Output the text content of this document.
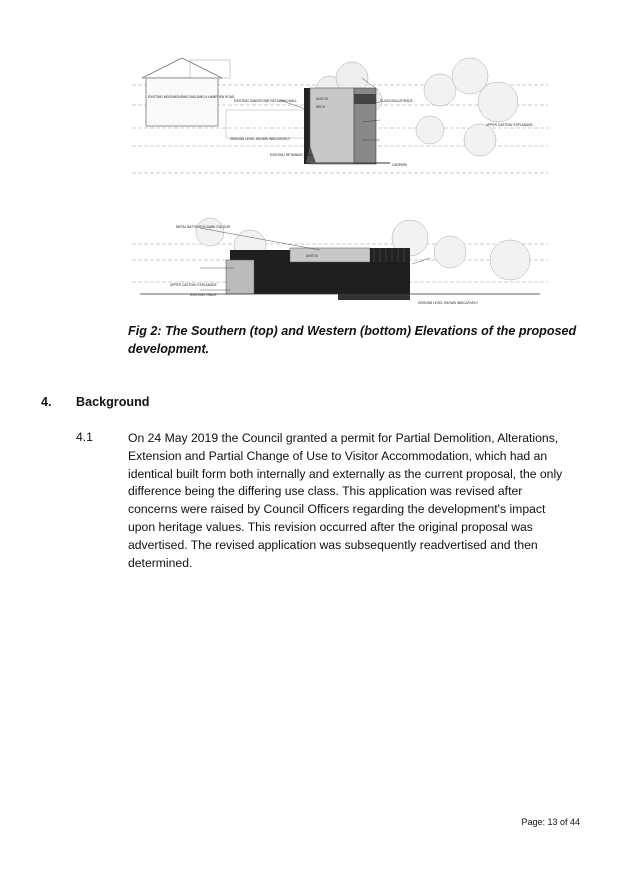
EXISTING NEIGHBOURING BUILDING 4 HAMPDEN ROAD
EXISTING SANDSTONE RETAINING WALL	UNIT 03
DECK
GLASS BALUSTRADE
GROUND LEVEL SHOWN INDICATIVELY
EXISTING RETAINING WALL
CARPARK
UPPER CASTRAY ESPLANADE
METAL BATTENS IN DARK COLOUR
UPPER CASTRAY ESPLANADE
EXISTING TRACK
UNIT 03
GROUND LEVEL SHOWN INDICATIVELY
Fig 2: The Southern (top) and Western (bottom) Elevations of the proposed development.
4. Background
4.1	On 24 May 2019 the Council granted a permit for Partial Demolition, Alterations, Extension and Partial Change of Use to Visitor Accommodation, which had an identical built form both internally and externally as the current proposal, the only difference being the differing use class. This application was revised after concerns were raised by Council Officers regarding the development's impact upon heritage values. This revision occurred after the original proposal was advertised. The revised application was subsequently readvertised and then determined.
Page: 13 of 44
